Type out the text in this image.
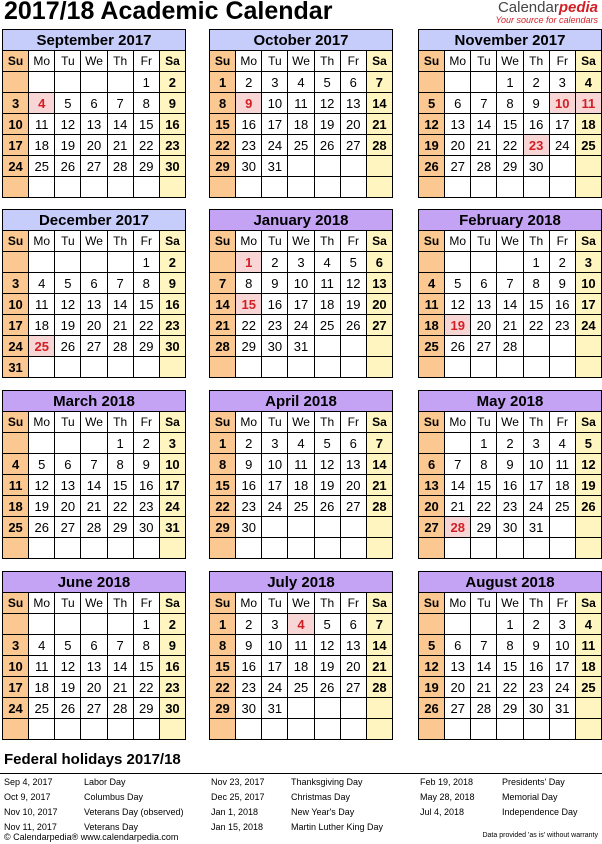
2017/18 Academic Calendar	Calendarpedia
Your source for calendars
September 2017						
Su	Mo	Tu	We	Th	Fr	Sa
					1	2
3	4	5	6	7	8	9
10	11	12	13	14	15	16
17	18	19	20	21	22	23
24	25	26	27	28	29	30

October 2017						
Su	Mo	Tu	We	Th	Fr	Sa
1	2	3	4	5	6	7
8	9	10	11	12	13	14
15	16	17	18	19	20	21
22	23	24	25	26	27	28
29	30	31				

November 2017						
Su	Mo	Tu	We	Th	Fr	Sa
			1	2	3	4
5	6	7	8	9	10	11
12	13	14	15	16	17	18
19	20	21	22	23	24	25
26	27	28	29	30		

December 2017						
Su	Mo	Tu	We	Th	Fr	Sa
					1	2
3	4	5	6	7	8	9
10	11	12	13	14	15	16
17	18	19	20	21	22	23
24	25	26	27	28	29	30
31						
January 2018						
Su	Mo	Tu	We	Th	Fr	Sa
	1	2	3	4	5	6
7	8	9	10	11	12	13
14	15	16	17	18	19	20
21	22	23	24	25	26	27
28	29	30	31			

February 2018						
Su	Mo	Tu	We	Th	Fr	Sa
				1	2	3
4	5	6	7	8	9	10
11	12	13	14	15	16	17
18	19	20	21	22	23	24
25	26	27	28			

March 2018						
Su	Mo	Tu	We	Th	Fr	Sa
				1	2	3
4	5	6	7	8	9	10
11	12	13	14	15	16	17
18	19	20	21	22	23	24
25	26	27	28	29	30	31

April 2018						
Su	Mo	Tu	We	Th	Fr	Sa
1	2	3	4	5	6	7
8	9	10	11	12	13	14
15	16	17	18	19	20	21
22	23	24	25	26	27	28
29	30					

May 2018						
Su	Mo	Tu	We	Th	Fr	Sa
		1	2	3	4	5
6	7	8	9	10	11	12
13	14	15	16	17	18	19
20	21	22	23	24	25	26
27	28	29	30	31		

June 2018						
Su	Mo	Tu	We	Th	Fr	Sa
					1	2
3	4	5	6	7	8	9
10	11	12	13	14	15	16
17	18	19	20	21	22	23
24	25	26	27	28	29	30

July 2018						
Su	Mo	Tu	We	Th	Fr	Sa
1	2	3	4	5	6	7
8	9	10	11	12	13	14
15	16	17	18	19	20	21
22	23	24	25	26	27	28
29	30	31				

August 2018						
Su	Mo	Tu	We	Th	Fr	Sa
			1	2	3	4
5	6	7	8	9	10	11
12	13	14	15	16	17	18
19	20	21	22	23	24	25
26	27	28	29	30	31	

Federal holidays 2017/18
Sep 4, 2017	Labor Day
Oct 9, 2017	Columbus Day
Nov 10, 2017	Veterans Day (observed)
Nov 11, 2017	Veterans Day
Nov 23, 2017	Thanksgiving Day
Dec 25, 2017	Christmas Day
Jan 1, 2018	New Year's Day
Jan 15, 2018	Martin Luther King Day
Feb 19, 2018	Presidents' Day
May 28, 2018	Memorial Day
Jul 4, 2018	Independence Day
© Calendarpedia® www.calendarpedia.com	Data provided 'as is' without warranty
